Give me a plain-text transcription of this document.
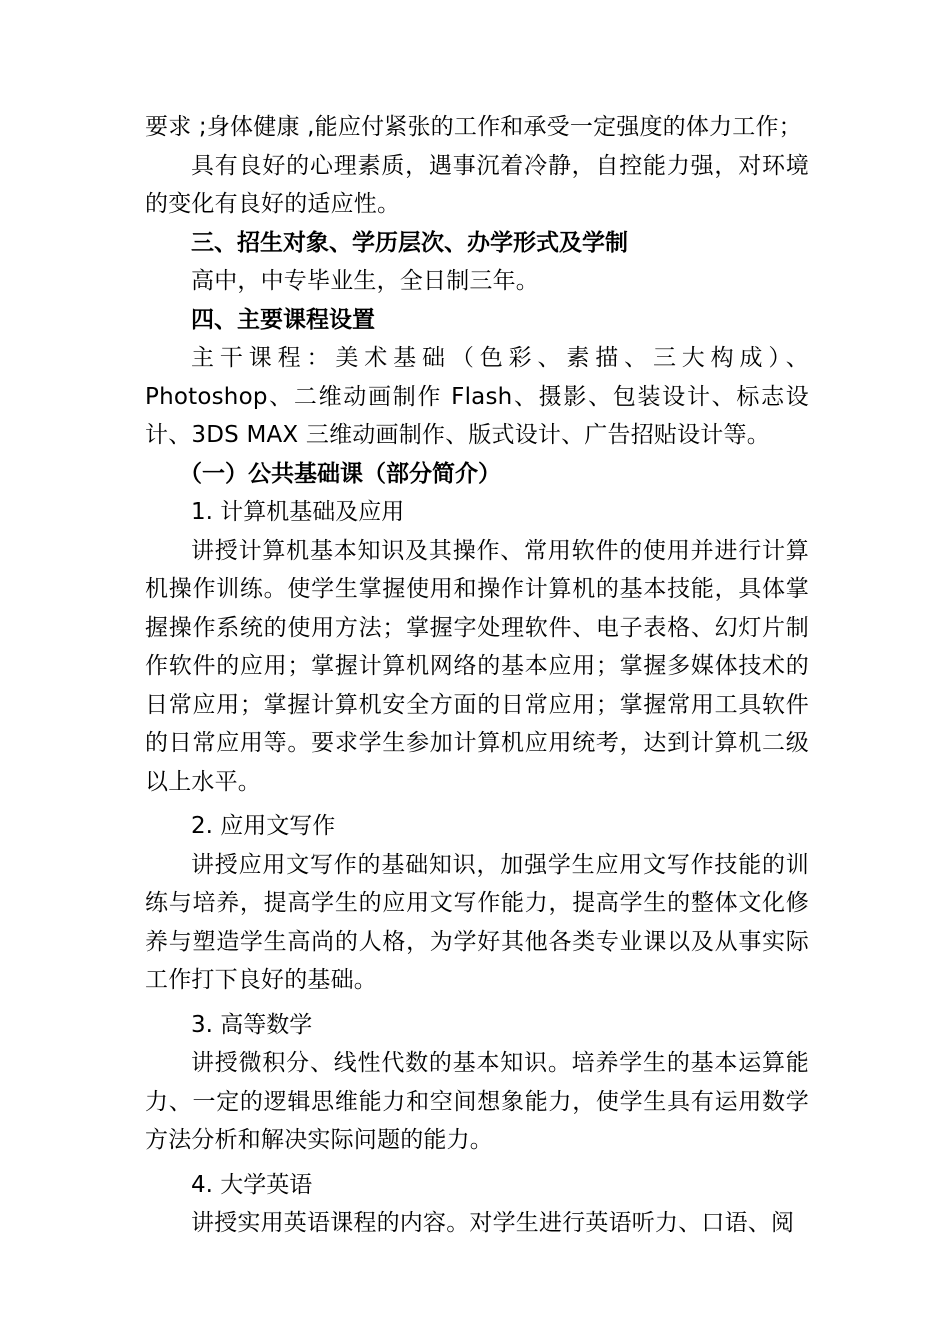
要求 ;身体健康 ,能应付紧张的工作和承受一定强度的体力工作；

具有良好的心理素质，遇事沉着冷静，自控能力强，对环境的变化有良好的适应性。

三、招生对象、学历层次、办学形式及学制

高中，中专毕业生，全日制三年。

四、主要课程设置

主干课程：美术基础（色彩、素描、三大构成）、Photoshop、二维动画制作 Flash、摄影、包装设计、标志设计、3DS MAX 三维动画制作、版式设计、广告招贴设计等。

（一）公共基础课（部分简介）

1. 计算机基础及应用

讲授计算机基本知识及其操作、常用软件的使用并进行计算机操作训练。使学生掌握使用和操作计算机的基本技能，具体掌握操作系统的使用方法；掌握字处理软件、电子表格、幻灯片制作软件的应用；掌握计算机网络的基本应用；掌握多媒体技术的日常应用；掌握计算机安全方面的日常应用；掌握常用工具软件的日常应用等。要求学生参加计算机应用统考，达到计算机二级以上水平。

2. 应用文写作

讲授应用文写作的基础知识，加强学生应用文写作技能的训练与培养，提高学生的应用文写作能力，提高学生的整体文化修养与塑造学生高尚的人格，为学好其他各类专业课以及从事实际工作打下良好的基础。

3. 高等数学

讲授微积分、线性代数的基本知识。培养学生的基本运算能力、一定的逻辑思维能力和空间想象能力，使学生具有运用数学方法分析和解决实际问题的能力。

4. 大学英语

讲授实用英语课程的内容。对学生进行英语听力、口语、阅
